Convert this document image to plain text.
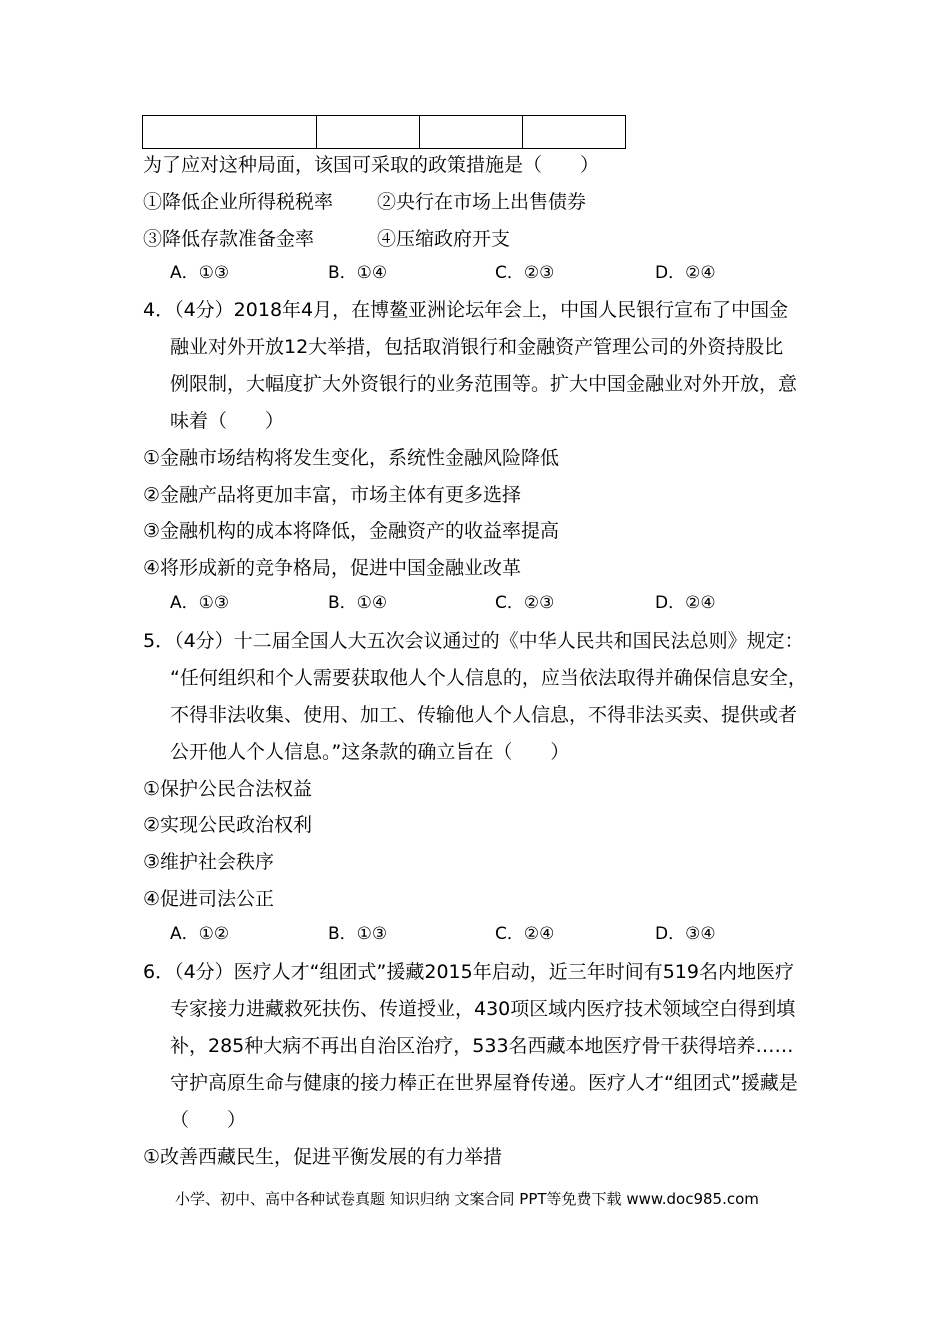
为了应对这种局面，该国可采取的政策措施是（　　）
①降低企业所得税税率 ②央行在市场上出售债券
③降低存款准备金率	④压缩政府开支
A．①③	B．①④	C．②③	D．②④
4．（4分）2018年4月，在博鳌亚洲论坛年会上，中国人民银行宣布了中国金
融业对外开放12大举措，包括取消银行和金融资产管理公司的外资持股比
例限制，大幅度扩大外资银行的业务范围等。扩大中国金融业对外开放，意
味着（　　）
①金融市场结构将发生变化，系统性金融风险降低
②金融产品将更加丰富，市场主体有更多选择
③金融机构的成本将降低，金融资产的收益率提高
④将形成新的竞争格局，促进中国金融业改革
A．①③	B．①④	C．②③	D．②④
5．（4分）十二届全国人大五次会议通过的《中华人民共和国民法总则》规定：
“任何组织和个人需要获取他人个人信息的，应当依法取得并确保信息安全，
不得非法收集、使用、加工、传输他人个人信息，不得非法买卖、提供或者
公开他人个人信息。”这条款的确立旨在（　　）
①保护公民合法权益
②实现公民政治权利
③维护社会秩序
④促进司法公正
A．①②	B．①③	C．②④	D．③④
6．（4分）医疗人才“组团式”援藏2015年启动，近三年时间有519名内地医疗
专家接力进藏救死扶伤、传道授业，430项区域内医疗技术领域空白得到填
补，285种大病不再出自治区治疗，533名西藏本地医疗骨干获得培养……
守护高原生命与健康的接力棒正在世界屋脊传递。医疗人才“组团式”援藏是
（　　）
①改善西藏民生，促进平衡发展的有力举措
小学、初中、高中各种试卷真题 知识归纳 文案合同 PPT等免费下载 www.doc985.com
